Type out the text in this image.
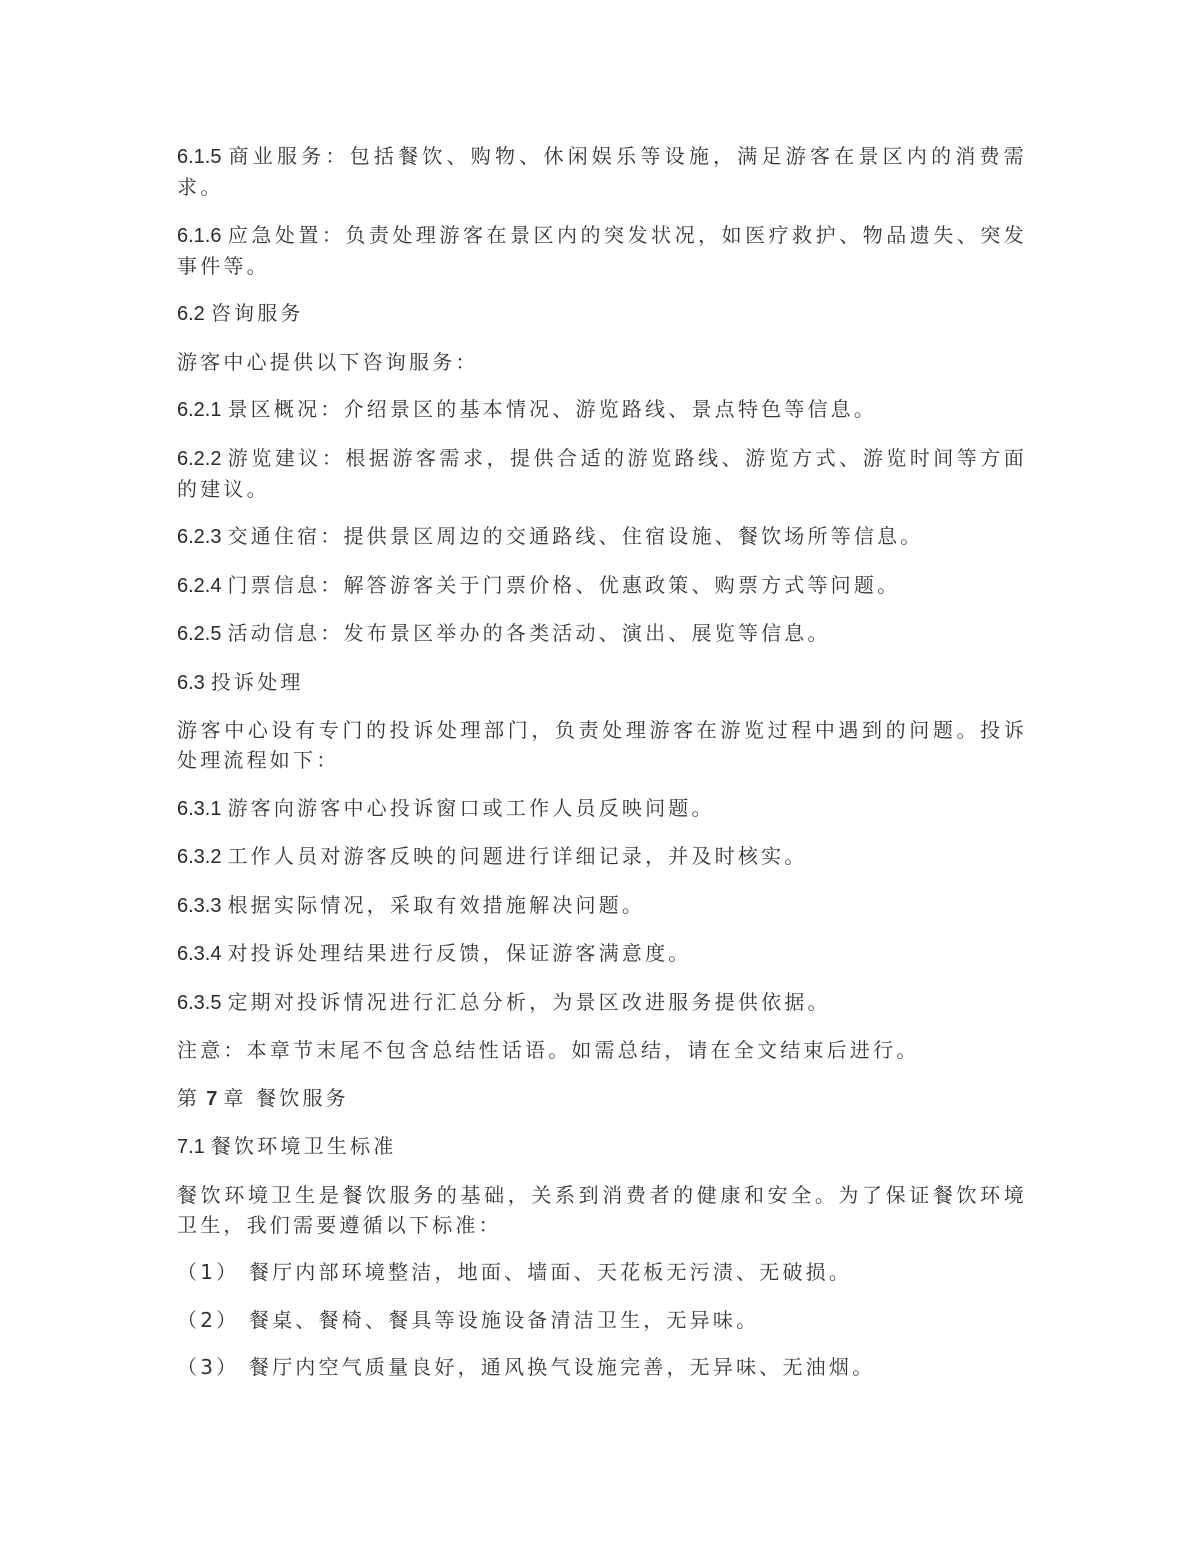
6.1.5 商业服务：包括餐饮、购物、休闲娱乐等设施，满足游客在景区内的消费需求。

6.1.6 应急处置：负责处理游客在景区内的突发状况，如医疗救护、物品遗失、突发事件等。

6.2 咨询服务

游客中心提供以下咨询服务：

6.2.1 景区概况：介绍景区的基本情况、游览路线、景点特色等信息。

6.2.2 游览建议：根据游客需求，提供合适的游览路线、游览方式、游览时间等方面的建议。

6.2.3 交通住宿：提供景区周边的交通路线、住宿设施、餐饮场所等信息。

6.2.4 门票信息：解答游客关于门票价格、优惠政策、购票方式等问题。

6.2.5 活动信息：发布景区举办的各类活动、演出、展览等信息。

6.3 投诉处理

游客中心设有专门的投诉处理部门，负责处理游客在游览过程中遇到的问题。投诉处理流程如下：

6.3.1 游客向游客中心投诉窗口或工作人员反映问题。

6.3.2 工作人员对游客反映的问题进行详细记录，并及时核实。

6.3.3 根据实际情况，采取有效措施解决问题。

6.3.4 对投诉处理结果进行反馈，保证游客满意度。

6.3.5 定期对投诉情况进行汇总分析，为景区改进服务提供依据。

注意：本章节末尾不包含总结性话语。如需总结，请在全文结束后进行。

第 7 章 餐饮服务

7.1 餐饮环境卫生标准

餐饮环境卫生是餐饮服务的基础，关系到消费者的健康和安全。为了保证餐饮环境卫生，我们需要遵循以下标准：

（1） 餐厅内部环境整洁，地面、墙面、天花板无污渍、无破损。

（2） 餐桌、餐椅、餐具等设施设备清洁卫生，无异味。

（3） 餐厅内空气质量良好，通风换气设施完善，无异味、无油烟。
